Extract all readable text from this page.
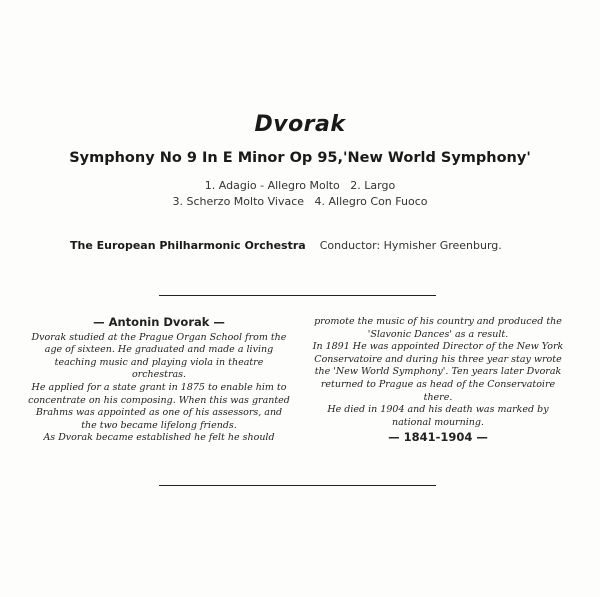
Dvorak
Symphony No 9 In E Minor Op 95,'New World Symphony'
1. Adagio - Allegro Molto   2. Largo
3. Scherzo Molto Vivace   4. Allegro Con Fuoco
The European Philharmonic Orchestra Conductor: Hymisher Greenburg.

— Antonin Dvorak —

Dvorak studied at the Prague Organ School from the age of sixteen. He graduated and made a living teaching music and playing viola in theatre orchestras.

He applied for a state grant in 1875 to enable him to concentrate on his composing. When this was granted Brahms was appointed as one of his assessors, and the two became lifelong friends.

As Dvorak became established he felt he should

promote the music of his country and produced the 'Slavonic Dances' as a result.

In 1891 He was appointed Director of the New York Conservatoire and during his three year stay wrote the 'New World Symphony'. Ten years later Dvorak returned to Prague as head of the Conservatoire there.

He died in 1904 and his death was marked by national mourning.

— 1841-1904 —
